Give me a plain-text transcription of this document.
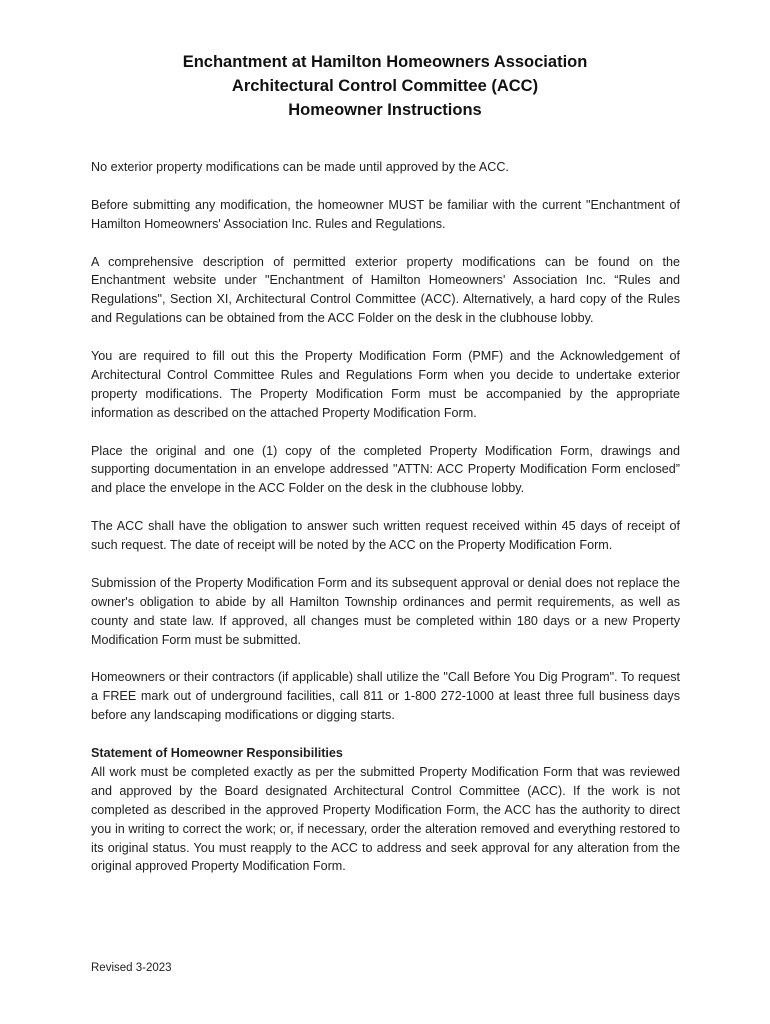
Enchantment at Hamilton Homeowners Association
Architectural Control Committee (ACC)
Homeowner Instructions

No exterior property modifications can be made until approved by the ACC.

Before submitting any modification, the homeowner MUST be familiar with the current "Enchantment of Hamilton Homeowners' Association Inc. Rules and Regulations.

A comprehensive description of permitted exterior property modifications can be found on the Enchantment website under "Enchantment of Hamilton Homeowners' Association Inc. “Rules and Regulations", Section XI, Architectural Control Committee (ACC). Alternatively, a hard copy of the Rules and Regulations can be obtained from the ACC Folder on the desk in the clubhouse lobby.

You are required to fill out this the Property Modification Form (PMF) and the Acknowledgement of Architectural Control Committee Rules and Regulations Form when you decide to undertake exterior property modifications. The Property Modification Form must be accompanied by the appropriate information as described on the attached Property Modification Form.

Place the original and one (1) copy of the completed Property Modification Form, drawings and supporting documentation in an envelope addressed "ATTN: ACC Property Modification Form enclosed” and place the envelope in the ACC Folder on the desk in the clubhouse lobby.

The ACC shall have the obligation to answer such written request received within 45 days of receipt of such request. The date of receipt will be noted by the ACC on the Property Modification Form.

Submission of the Property Modification Form and its subsequent approval or denial does not replace the owner's obligation to abide by all Hamilton Township ordinances and permit requirements, as well as county and state law. If approved, all changes must be completed within 180 days or a new Property Modification Form must be submitted.

Homeowners or their contractors (if applicable) shall utilize the "Call Before You Dig Program". To request a FREE mark out of underground facilities, call 811 or 1-800 272-1000 at least three full business days before any landscaping modifications or digging starts.

Statement of Homeowner Responsibilities

All work must be completed exactly as per the submitted Property Modification Form that was reviewed and approved by the Board designated Architectural Control Committee (ACC). If the work is not completed as described in the approved Property Modification Form, the ACC has the authority to direct you in writing to correct the work; or, if necessary, order the alteration removed and everything restored to its original status. You must reapply to the ACC to address and seek approval for any alteration from the original approved Property Modification Form.

Revised 3-2023
